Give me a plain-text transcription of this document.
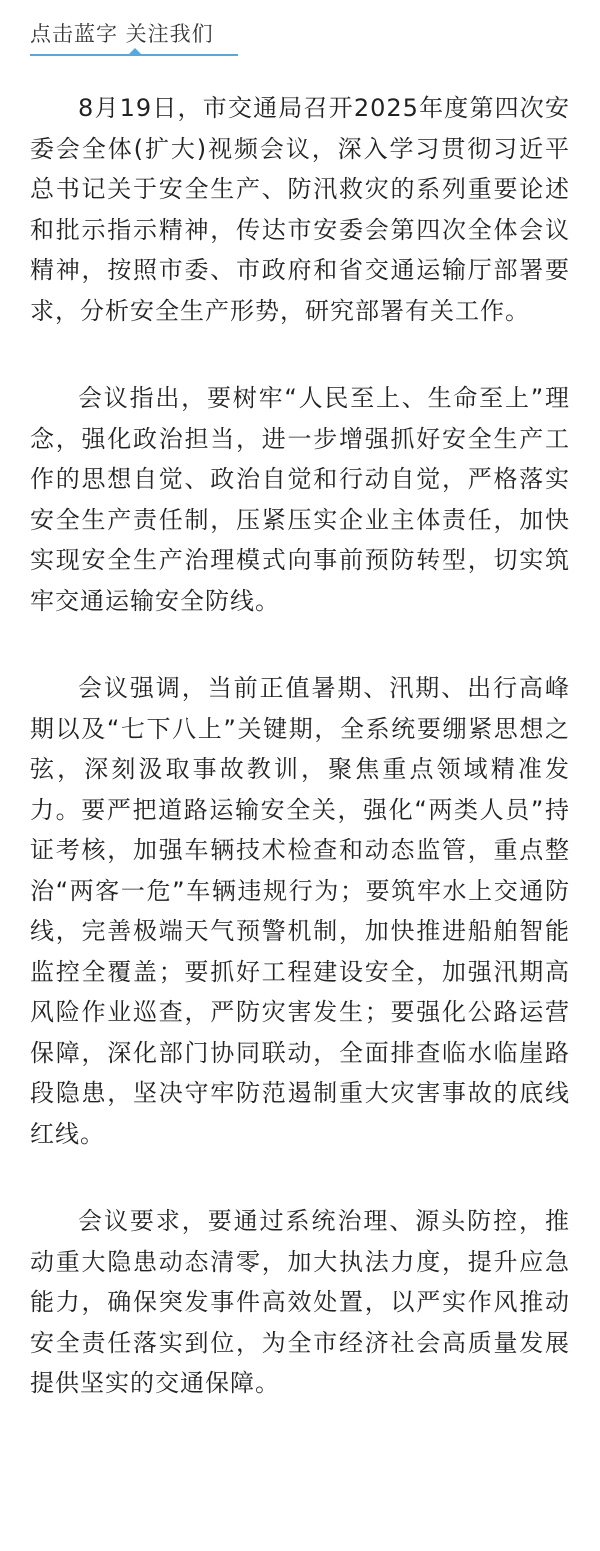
点击蓝字 关注我们

8月19日，市交通局召开2025年度第四次安委会全体(扩大)视频会议，深入学习贯彻习近平总书记关于安全生产、防汛救灾的系列重要论述和批示指示精神，传达市安委会第四次全体会议精神，按照市委、市政府和省交通运输厅部署要求，分析安全生产形势，研究部署有关工作。

会议指出，要树牢“人民至上、生命至上”理念，强化政治担当，进一步增强抓好安全生产工作的思想自觉、政治自觉和行动自觉，严格落实安全生产责任制，压紧压实企业主体责任，加快实现安全生产治理模式向事前预防转型，切实筑牢交通运输安全防线。

会议强调，当前正值暑期、汛期、出行高峰期以及“七下八上”关键期，全系统要绷紧思想之弦，深刻汲取事故教训，聚焦重点领域精准发力。要严把道路运输安全关，强化“两类人员”持证考核，加强车辆技术检查和动态监管，重点整治“两客一危”车辆违规行为；要筑牢水上交通防线，完善极端天气预警机制，加快推进船舶智能监控全覆盖；要抓好工程建设安全，加强汛期高风险作业巡查，严防灾害发生；要强化公路运营保障，深化部门协同联动，全面排查临水临崖路段隐患，坚决守牢防范遏制重大灾害事故的底线红线。

会议要求，要通过系统治理、源头防控，推动重大隐患动态清零，加大执法力度，提升应急能力，确保突发事件高效处置，以严实作风推动安全责任落实到位，为全市经济社会高质量发展提供坚实的交通保障。
